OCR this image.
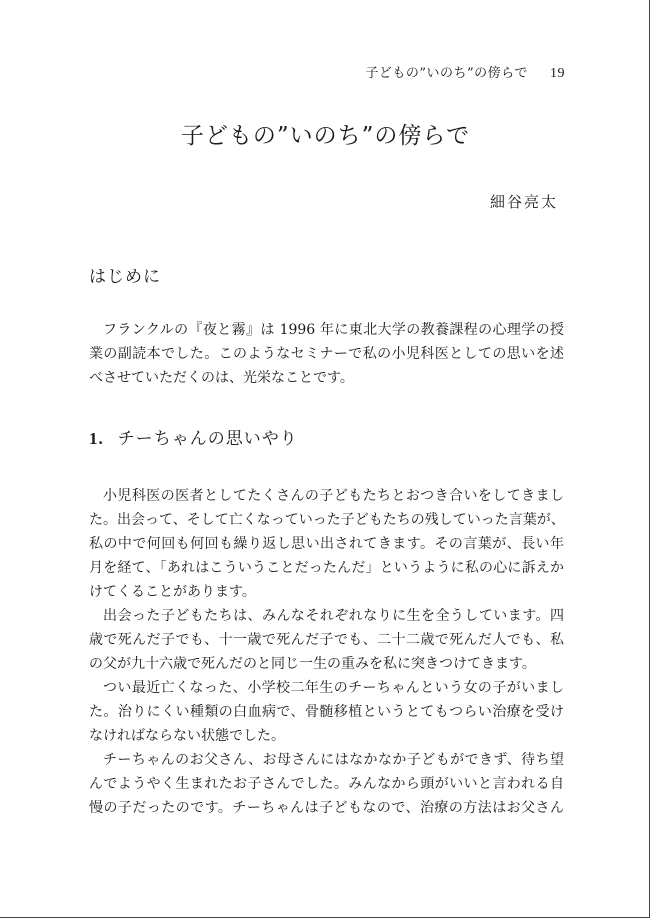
子どもの”いのち”の傍らで 19
子どもの”いのち”の傍らで
細谷亮太
はじめに
フランクルの『夜と霧』は 1996 年に東北大学の教養課程の心理学の授
業の副読本でした。このようなセミナーで私の小児科医としての思いを述
べさせていただくのは、光栄なことです。
1. チーちゃんの思いやり
小児科医の医者としてたくさんの子どもたちとおつき合いをしてきまし
た。出会って、そして亡くなっていった子どもたちの残していった言葉が、
私の中で何回も何回も繰り返し思い出されてきます。その言葉が、長い年
月を経て、「あれはこういうことだったんだ」というように私の心に訴えか
けてくることがあります。
出会った子どもたちは、みんなそれぞれなりに生を全うしています。四
歳で死んだ子でも、十一歳で死んだ子でも、二十二歳で死んだ人でも、私
の父が九十六歳で死んだのと同じ一生の重みを私に突きつけてきます。
つい最近亡くなった、小学校二年生のチーちゃんという女の子がいまし
た。治りにくい種類の白血病で、骨髄移植というとてもつらい治療を受け
なければならない状態でした。
チーちゃんのお父さん、お母さんにはなかなか子どもができず、待ち望
んでようやく生まれたお子さんでした。みんなから頭がいいと言われる自
慢の子だったのです。チーちゃんは子どもなので、治療の方法はお父さん
